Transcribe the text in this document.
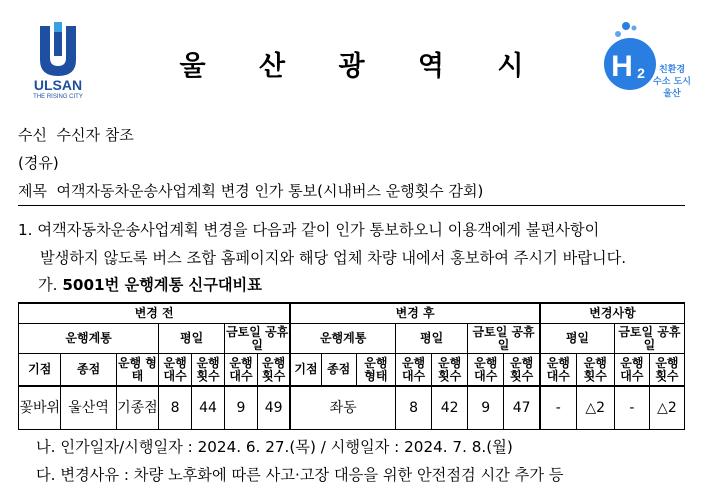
ULSAN
THE RISING CITY
울 산 광 역 시	H 2 친환경
수소 도시
울산
수신 수신자 참조
(경유)
제목 여객자동차운송사업계획 변경 인가 통보(시내버스 운행횟수 감회)
1. 여객자동차운송사업계획 변경을 다음과 같이 인가 통보하오니 이용객에게 불편사항이
발생하지 않도록 버스 조합 홈페이지와 해당 업체 차량 내에서 홍보하여 주시기 바랍니다.
가. 5001번 운행계통 신구대비표
변경 전							변경 후							변경사항			
운행계통			평일		금토일 공휴일		운행계통			평일		금토일 공휴일		평일		금토일 공휴일	
기점	종점	운행 형태	운행 대수	운행 횟수	운행 대수	운행 횟수	기점	종점	운행 형태	운행 대수	운행 횟수	운행 대수	운행 횟수	운행 대수	운행 횟수	운행 대수	운행 횟수
꽃바위	울산역	기종점	8	44	9	49	좌동			8	42	9	47	-	△2	-	△2
나. 인가일자/시행일자 : 2024. 6. 27.(목) / 시행일자 : 2024. 7. 8.(월)
다. 변경사유 : 차량 노후화에 따른 사고·고장 대응을 위한 안전점검 시간 추가 등
